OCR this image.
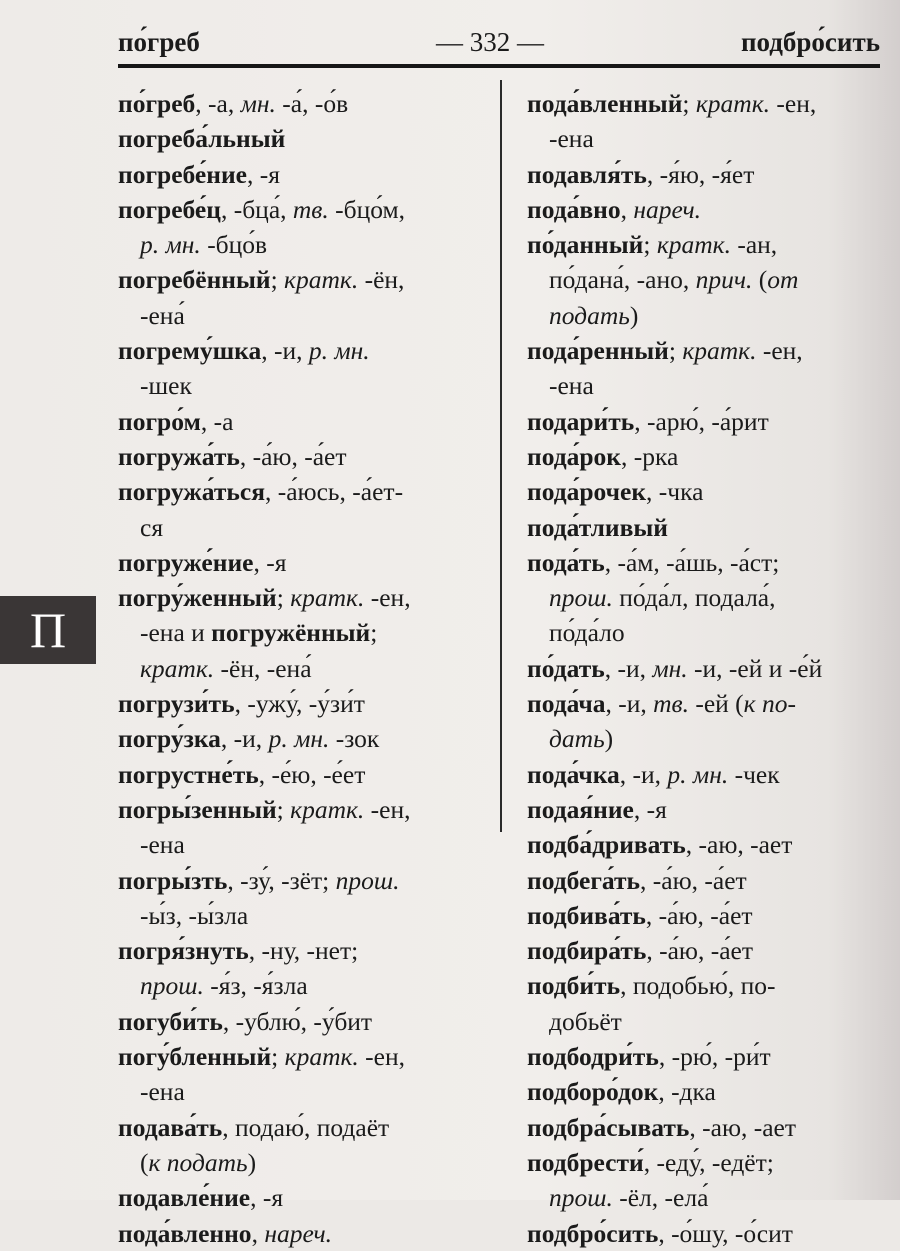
по́греб	— 332 —	подбро́сить
по́греб, -а, мн. -а́, -о́в
погреба́льный
погребе́ние, -я
погребе́ц, -бца́, тв. -бцо́м,
р. мн. -бцо́в
погребённый; кратк. -ён,
-ена́
погрему́шка, -и, р. мн.
-шек
погро́м, -а
погружа́ть, -а́ю, -а́ет
погружа́ться, -а́юсь, -а́ет-
ся
погруже́ние, -я
погру́женный; кратк. -ен,
-ена и погружённый;
кратк. -ён, -ена́
погрузи́ть, -ужу́, -у́зи́т
погру́зка, -и, р. мн. -зок
погрустне́ть, -е́ю, -е́ет
погры́зенный; кратк. -ен,
-ена
погры́зть, -зу́, -зёт; прош.
-ы́з, -ы́зла
погря́знуть, -ну, -нет;
прош. -я́з, -я́зла
погуби́ть, -ублю́, -у́бит
погу́бленный; кратк. -ен,
-ена
подава́ть, подаю́, подаёт
(к подать)
подавле́ние, -я
пода́вленно, нареч.
пода́вленный; кратк. -ен,
-ена
подавля́ть, -я́ю, -я́ет
пода́вно, нареч.
по́данный; кратк. -ан,
по́дана́, -ано, прич. (от
подать)
пода́ренный; кратк. -ен,
-ена
подари́ть, -арю́, -а́рит
пода́рок, -рка
пода́рочек, -чка
пода́тливый
пода́ть, -а́м, -а́шь, -а́ст;
прош. по́да́л, подала́,
по́да́ло
по́дать, -и, мн. -и, -ей и -е́й
пода́ча, -и, тв. -ей (к по-
дать)
пода́чка, -и, р. мн. -чек
подая́ние, -я
подба́дривать, -аю, -ает
подбега́ть, -а́ю, -а́ет
подбива́ть, -а́ю, -а́ет
подбира́ть, -а́ю, -а́ет
подби́ть, подобью́, по-
добьёт
подбодри́ть, -рю́, -ри́т
подборо́док, -дка
подбра́сывать, -аю, -ает
подбрести́, -еду́, -едёт;
прош. -ёл, -ела́
подбро́сить, -о́шу, -о́сит
П
